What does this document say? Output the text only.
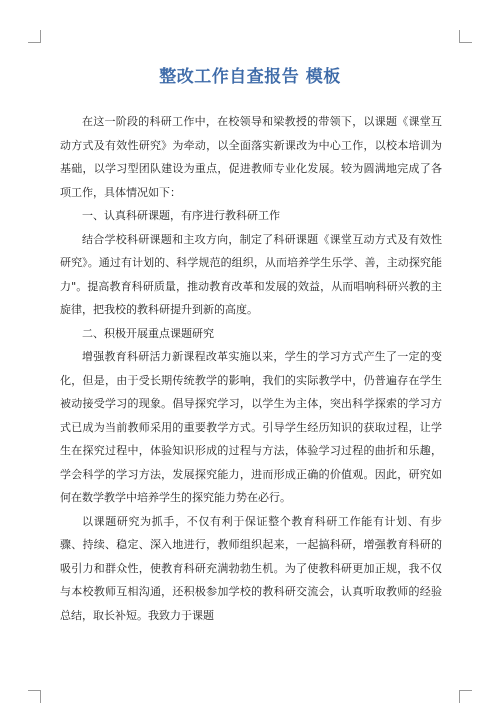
整改工作自查报告 模板

在这一阶段的科研工作中，在校领导和梁教授的带领下，以课题《课堂互动方式及有效性研究》为牵动，以全面落实新课改为中心工作，以校本培训为基础，以学习型团队建设为重点，促进教师专业化发展。较为圆满地完成了各项工作，具体情况如下：

一、认真科研课题，有序进行教科研工作

结合学校科研课题和主攻方向，制定了科研课题《课堂互动方式及有效性研究》。通过有计划的、科学规范的组织，从而培养学生乐学、善，主动探究能力"。提高教育科研质量，推动教育改革和发展的效益，从而唱响科研兴教的主旋律，把我校的教科研提升到新的高度。

二、积极开展重点课题研究

增强教育科研活力新课程改革实施以来，学生的学习方式产生了一定的变化，但是，由于受长期传统教学的影响，我们的实际教学中，仍普遍存在学生被动接受学习的现象。倡导探究学习，以学生为主体，突出科学探索的学习方式已成为当前教师采用的重要教学方式。引导学生经历知识的获取过程，让学生在探究过程中，体验知识形成的过程与方法，体验学习过程的曲折和乐趣，学会科学的学习方法，发展探究能力，进而形成正确的价值观。因此，研究如何在数学教学中培养学生的探究能力势在必行。

以课题研究为抓手，不仅有利于保证整个教育科研工作能有计划、有步骤、持续、稳定、深入地进行，教师组织起来，一起搞科研，增强教育科研的吸引力和群众性，使教育科研充满勃勃生机。为了使教科研更加正规，我不仅与本校教师互相沟通，还积极参加学校的教科研交流会，认真听取教师的经验总结，取长补短。我致力于课题
